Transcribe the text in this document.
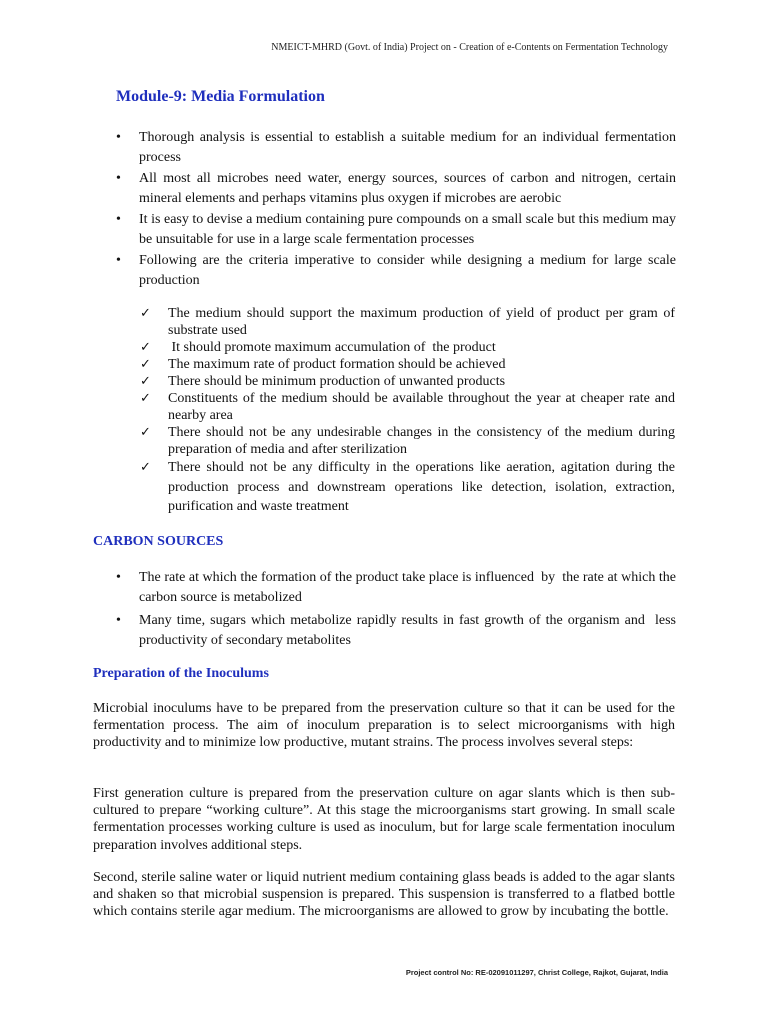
NMEICT-MHRD (Govt. of India) Project on - Creation of e-Contents on Fermentation Technology
Module-9: Media Formulation
• Thorough analysis is essential to establish a suitable medium for an individual fermentation process
• All most all microbes need water, energy sources, sources of carbon and nitrogen, certain mineral elements and perhaps vitamins plus oxygen if microbes are aerobic
• It is easy to devise a medium containing pure compounds on a small scale but this medium may be unsuitable for use in a large scale fermentation processes
• Following are the criteria imperative to consider while designing a medium for large scale production
✓ The medium should support the maximum production of yield of product per gram of substrate used
✓ It should promote maximum accumulation of  the product
✓ The maximum rate of product formation should be achieved
✓ There should be minimum production of unwanted products
✓ Constituents of the medium should be available throughout the year at cheaper rate and nearby area
✓ There should not be any undesirable changes in the consistency of the medium during preparation of media and after sterilization
✓ There should not be any difficulty in the operations like aeration, agitation during the production process and downstream operations like detection, isolation, extraction, purification and waste treatment
CARBON SOURCES
• The rate at which the formation of the product take place is influenced  by  the rate at which the carbon source is metabolized
• Many time, sugars which metabolize rapidly results in fast growth of the organism and  less productivity of secondary metabolites
Preparation of the Inoculums

Microbial inoculums have to be prepared from the preservation culture so that it can be used for the fermentation process. The aim of inoculum preparation is to select microorganisms with high productivity and to minimize low productive, mutant strains. The process involves several steps:

First generation culture is prepared from the preservation culture on agar slants which is then sub-cultured to prepare “working culture”. At this stage the microorganisms start growing. In small scale fermentation processes working culture is used as inoculum, but for large scale fermentation inoculum preparation involves additional steps.

Second, sterile saline water or liquid nutrient medium containing glass beads is added to the agar slants and shaken so that microbial suspension is prepared. This suspension is transferred to a flatbed bottle which contains sterile agar medium. The microorganisms are allowed to grow by incubating the bottle.

Project control No: RE-02091011297, Christ College, Rajkot, Gujarat, India
